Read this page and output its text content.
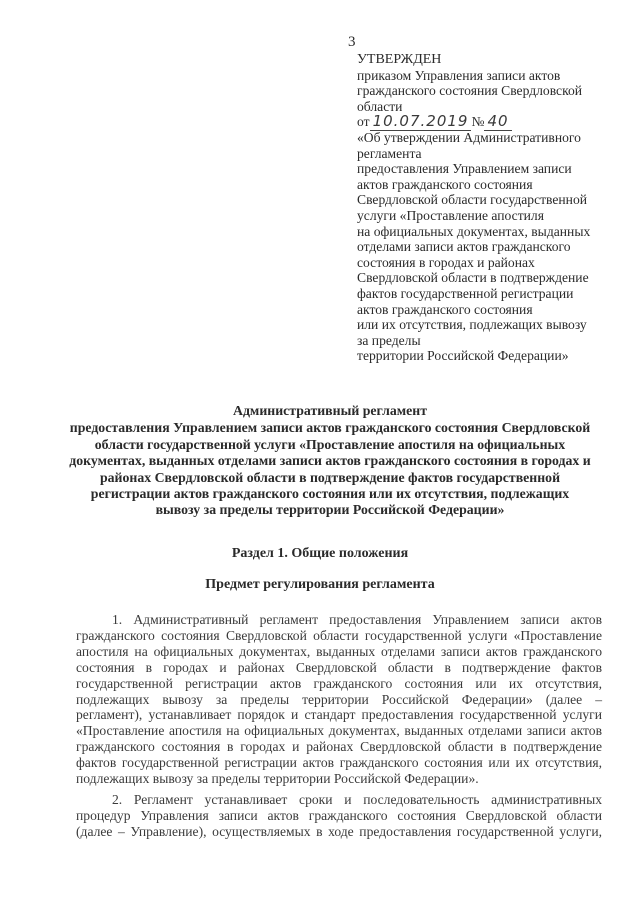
3
УТВЕРЖДЕН
приказом Управления записи актов
гражданского состояния Свердловской
области
от 10.07.2019 № 40
«Об утверждении Административного
регламента
предоставления Управлением записи
актов гражданского состояния
Свердловской области государственной
услуги «Проставление апостиля
на официальных документах, выданных
отделами записи актов гражданского
состояния в городах и районах
Свердловской области в подтверждение
фактов государственной регистрации
актов гражданского состояния
или их отсутствия, подлежащих вывозу
за пределы
территории Российской Федерации»
Административный регламент
предоставления Управлением записи актов гражданского состояния Свердловской
области государственной услуги «Проставление апостиля на официальных
документах, выданных отделами записи актов гражданского состояния в городах и
районах Свердловской области в подтверждение фактов государственной
регистрации актов гражданского состояния или их отсутствия, подлежащих
вывозу за пределы территории Российской Федерации»
Раздел 1. Общие положения
Предмет регулирования регламента
1. Административный регламент предоставления Управлением записи актов
гражданского состояния Свердловской области государственной услуги «Проставление
апостиля на официальных документах, выданных отделами записи актов гражданского
состояния в городах и районах Свердловской области в подтверждение фактов
государственной регистрации актов гражданского состояния или их отсутствия,
подлежащих вывозу за пределы территории Российской Федерации» (далее –
регламент), устанавливает порядок и стандарт предоставления государственной услуги
«Проставление апостиля на официальных документах, выданных отделами записи актов
гражданского состояния в городах и районах Свердловской области в подтверждение
фактов государственной регистрации актов гражданского состояния или их отсутствия,
подлежащих вывозу за пределы территории Российской Федерации».
2. Регламент устанавливает сроки и последовательность административных
процедур Управления записи актов гражданского состояния Свердловской области
(далее – Управление), осуществляемых в ходе предоставления государственной услуги,
